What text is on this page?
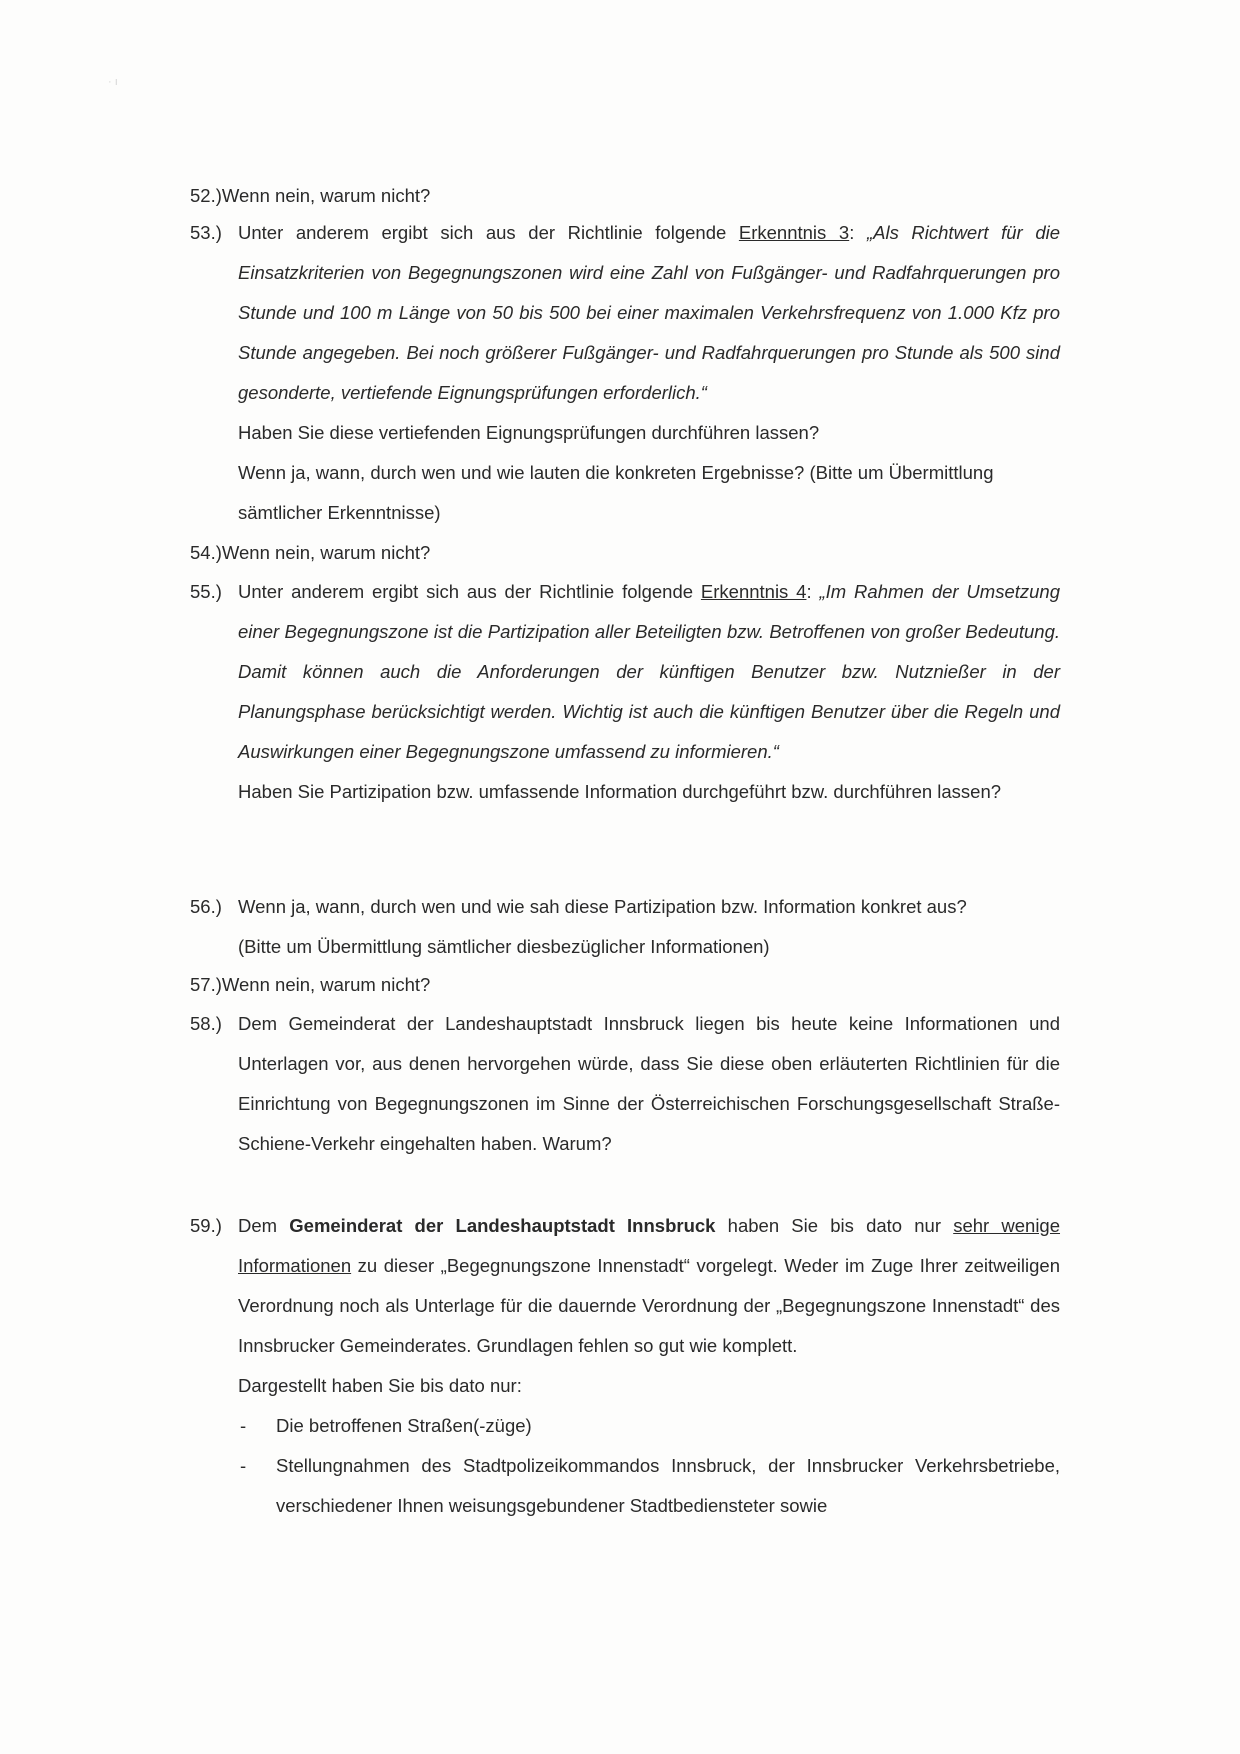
· ı
52.)Wenn nein, warum nicht?
53.) Unter anderem ergibt sich aus der Richtlinie folgende Erkenntnis 3: „Als Richtwert für die Einsatzkriterien von Begegnungszonen wird eine Zahl von Fußgänger- und Radfahrquerungen pro Stunde und 100 m Länge von 50 bis 500 bei einer maximalen Verkehrsfrequenz von 1.000 Kfz pro Stunde angegeben. Bei noch größerer Fußgänger- und Radfahrquerungen pro Stunde als 500 sind gesonderte, vertiefende Eignungsprüfungen erforderlich.“
Haben Sie diese vertiefenden Eignungsprüfungen durchführen lassen?
Wenn ja, wann, durch wen und wie lauten die konkreten Ergebnisse? (Bitte um Übermittlung sämtlicher Erkenntnisse)
54.)Wenn nein, warum nicht?
55.) Unter anderem ergibt sich aus der Richtlinie folgende Erkenntnis 4: „Im Rahmen der Umsetzung einer Begegnungszone ist die Partizipation aller Beteiligten bzw. Betroffenen von großer Bedeutung. Damit können auch die Anforderungen der künftigen Benutzer bzw. Nutznießer in der Planungsphase berücksichtigt werden. Wichtig ist auch die künftigen Benutzer über die Regeln und Auswirkungen einer Begegnungszone umfassend zu informieren.“
Haben Sie Partizipation bzw. umfassende Information durchgeführt bzw. durchführen lassen?
56.) Wenn ja, wann, durch wen und wie sah diese Partizipation bzw. Information konkret aus?
(Bitte um Übermittlung sämtlicher diesbezüglicher Informationen)
57.)Wenn nein, warum nicht?
58.) Dem Gemeinderat der Landeshauptstadt Innsbruck liegen bis heute keine Informationen und Unterlagen vor, aus denen hervorgehen würde, dass Sie diese oben erläuterten Richtlinien für die Einrichtung von Begegnungszonen im Sinne der Österreichischen Forschungsgesellschaft Straße-Schiene-Verkehr eingehalten haben. Warum?
59.) Dem Gemeinderat der Landeshauptstadt Innsbruck haben Sie bis dato nur sehr wenige Informationen zu dieser „Begegnungszone Innenstadt“ vorgelegt. Weder im Zuge Ihrer zeitweiligen Verordnung noch als Unterlage für die dauernde Verordnung der „Begegnungszone Innenstadt“ des Innsbrucker Gemeinderates. Grundlagen fehlen so gut wie komplett.
Dargestellt haben Sie bis dato nur:
- Die betroffenen Straßen(-züge)
- Stellungnahmen des Stadtpolizeikommandos Innsbruck, der Innsbrucker Verkehrsbetriebe, verschiedener Ihnen weisungsgebundener Stadtbediensteter sowie
